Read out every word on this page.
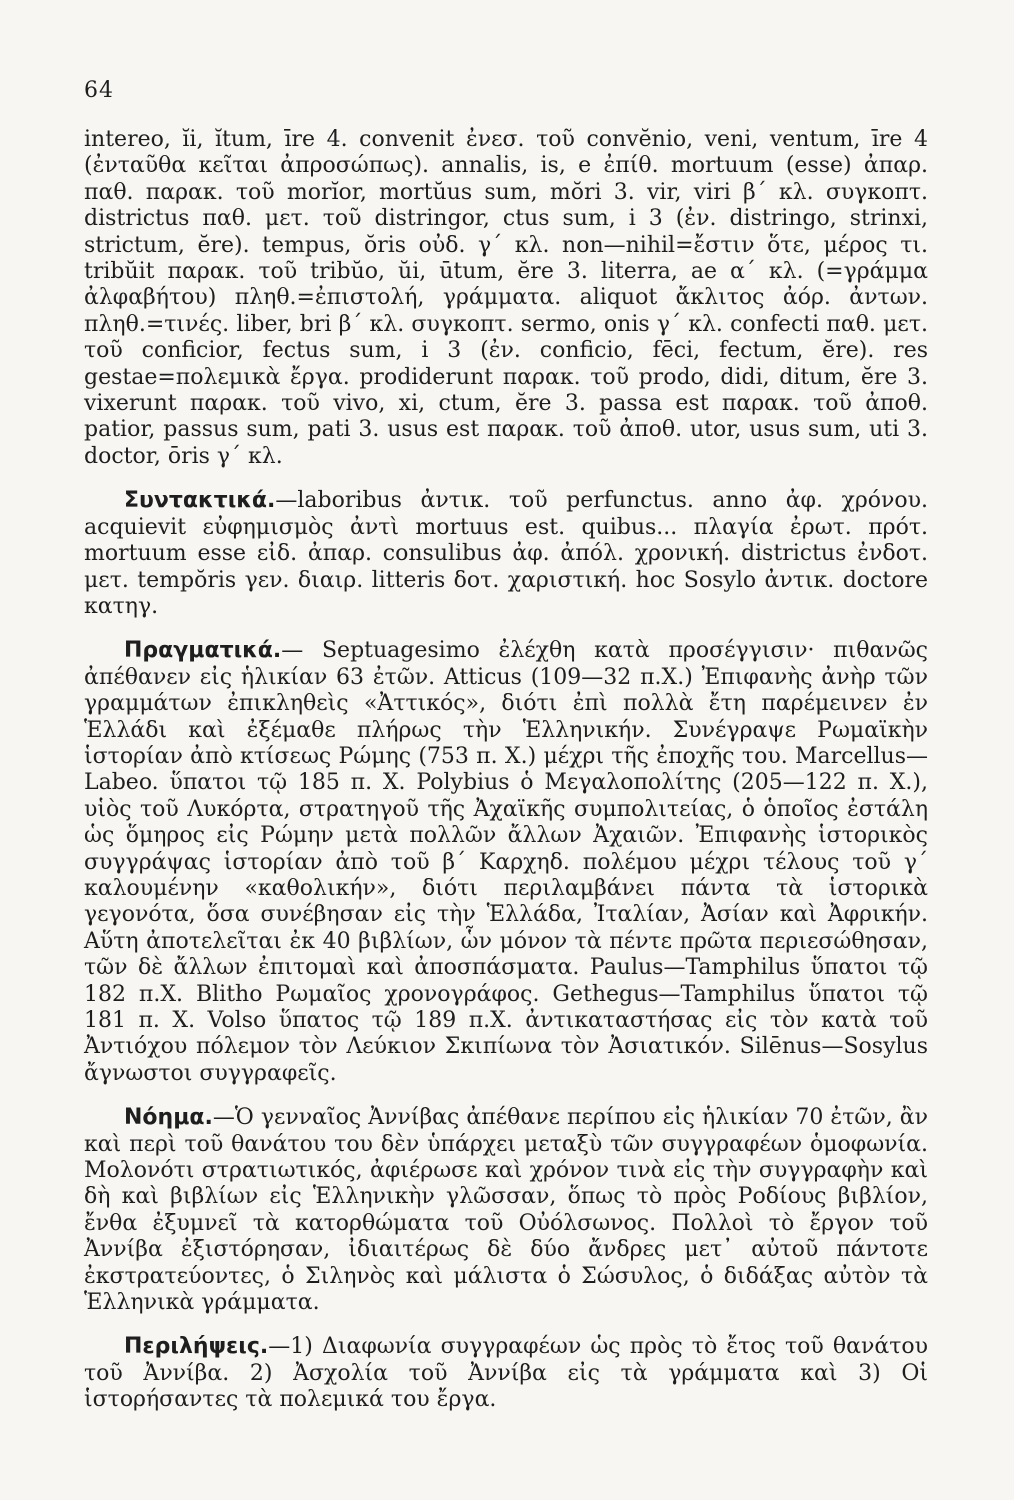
64

intereo, ĭi, ĭtum, īre 4. convenit ἐνεσ. τοῦ convĕnio, veni, ventum, īre 4 (ἐνταῦθα κεῖται ἀπροσώπως). annalis, is, e ἐπίθ. mortuum (esse) ἀπαρ. παθ. παρακ. τοῦ morĭor, mortŭus sum, mŏri 3. vir, viri β΄ κλ. συγκοπτ. districtus παθ. μετ. τοῦ distringor, ctus sum, i 3 (ἐν. distringo, strinxi, strictum, ĕre). tempus, ŏris οὐδ. γ΄ κλ. non—nihil=ἔστιν ὅτε, μέρος τι. tribŭit παρακ. τοῦ tribŭo, ŭi, ūtum, ĕre 3. literra, ae α΄ κλ. (=γράμμα ἀλφαβήτου) πληθ.=ἐπιστολή, γράμματα. aliquot ἄκλιτος ἀόρ. ἀντων. πληθ.=τινές. liber, bri β΄ κλ. συγκοπτ. sermo, onis γ΄ κλ. confecti παθ. μετ. τοῦ conficior, fectus sum, i 3 (ἐν. conficio, fēci, fectum, ĕre). res gestae=πολεμικὰ ἔργα. prodiderunt παρακ. τοῦ prodo, didi, ditum, ĕre 3. vixerunt παρακ. τοῦ vivo, xi, ctum, ĕre 3. passa est παρακ. τοῦ ἀποθ. patior, passus sum, pati 3. usus est παρακ. τοῦ ἀποθ. utor, usus sum, uti 3. doctor, ōris γ΄ κλ.

Συντακτικά.—laboribus ἀντικ. τοῦ perfunctus. anno ἀφ. χρόνου. acquievit εὐφημισμὸς ἀντὶ mortuus est. quibus... πλαγία ἐρωτ. πρότ. mortuum esse εἰδ. ἀπαρ. consulibus ἀφ. ἀπόλ. χρονική. districtus ἐνδοτ. μετ. tempŏris γεν. διαιρ. litteris δοτ. χαριστική. hoc Sosylo ἀντικ. doctore κατηγ.

Πραγματικά.— Septuagesimo ἐλέχθη κατὰ προσέγγισιν· πιθανῶς ἀπέθανεν εἰς ἡλικίαν 63 ἐτῶν. Atticus (109—32 π.Χ.) Ἐπιφανὴς ἀνὴρ τῶν γραμμάτων ἐπικληθεὶς «Ἀττικός», διότι ἐπὶ πολλὰ ἔτη παρέμεινεν ἐν Ἑλλάδι καὶ ἐξέμαθε πλήρως τὴν Ἑλληνικήν. Συνέγραψε Ρωμαϊκὴν ἱστορίαν ἀπὸ κτίσεως Ρώμης (753 π. Χ.) μέχρι τῆς ἐποχῆς του. Marcellus—Labeo. ὕπατοι τῷ 185 π. Χ. Polybius ὁ Μεγαλοπολίτης (205—122 π. Χ.), υἱὸς τοῦ Λυκόρτα, στρατηγοῦ τῆς Ἀχαϊκῆς συμπολιτείας, ὁ ὁποῖος ἐστάλη ὡς ὅμηρος εἰς Ρώμην μετὰ πολλῶν ἄλλων Ἀχαιῶν. Ἐπιφανὴς ἱστορικὸς συγγράψας ἱστορίαν ἀπὸ τοῦ β΄ Καρχηδ. πολέμου μέχρι τέλους τοῦ γ΄ καλουμένην «καθολικήν», διότι περιλαμβάνει πάντα τὰ ἱστορικὰ γεγονότα, ὅσα συνέβησαν εἰς τὴν Ἑλλάδα, Ἰταλίαν, Ἀσίαν καὶ Ἀφρικήν. Αὕτη ἀποτελεῖται ἐκ 40 βιβλίων, ὧν μόνον τὰ πέντε πρῶτα περιεσώθησαν, τῶν δὲ ἄλλων ἐπιτομαὶ καὶ ἀποσπάσματα. Paulus—Tamphilus ὕπατοι τῷ 182 π.Χ. Blitho Ρωμαῖος χρονογράφος. Gethegus—Tamphilus ὕπατοι τῷ 181 π. Χ. Volso ὕπατος τῷ 189 π.Χ. ἀντικαταστήσας εἰς τὸν κατὰ τοῦ Ἀντιόχου πόλεμον τὸν Λεύκιον Σκιπίωνα τὸν Ἀσιατικόν. Silēnus—Sosylus ἄγνωστοι συγγραφεῖς.

Νόημα.—Ὁ γενναῖος Ἀννίβας ἀπέθανε περίπου εἰς ἡλικίαν 70 ἐτῶν, ἂν καὶ περὶ τοῦ θανάτου του δὲν ὑπάρχει μεταξὺ τῶν συγγραφέων ὁμοφωνία. Μολονότι στρατιωτικός, ἀφιέρωσε καὶ χρόνον τινὰ εἰς τὴν συγγραφὴν καὶ δὴ καὶ βιβλίων εἰς Ἑλληνικὴν γλῶσσαν, ὅπως τὸ πρὸς Ροδίους βιβλίον, ἔνθα ἐξυμνεῖ τὰ κατορθώματα τοῦ Οὐόλσωνος. Πολλοὶ τὸ ἔργον τοῦ Ἀννίβα ἐξιστόρησαν, ἰδιαιτέρως δὲ δύο ἄνδρες μετ᾿ αὐτοῦ πάντοτε ἐκστρατεύοντες, ὁ Σιληνὸς καὶ μάλιστα ὁ Σώσυλος, ὁ διδάξας αὐτὸν τὰ Ἑλληνικὰ γράμματα.

Περιλήψεις.—1) Διαφωνία συγγραφέων ὡς πρὸς τὸ ἔτος τοῦ θανάτου τοῦ Ἀννίβα. 2) Ἀσχολία τοῦ Ἀννίβα εἰς τὰ γράμματα καὶ 3) Οἱ ἱστορήσαντες τὰ πολεμικά του ἔργα.
